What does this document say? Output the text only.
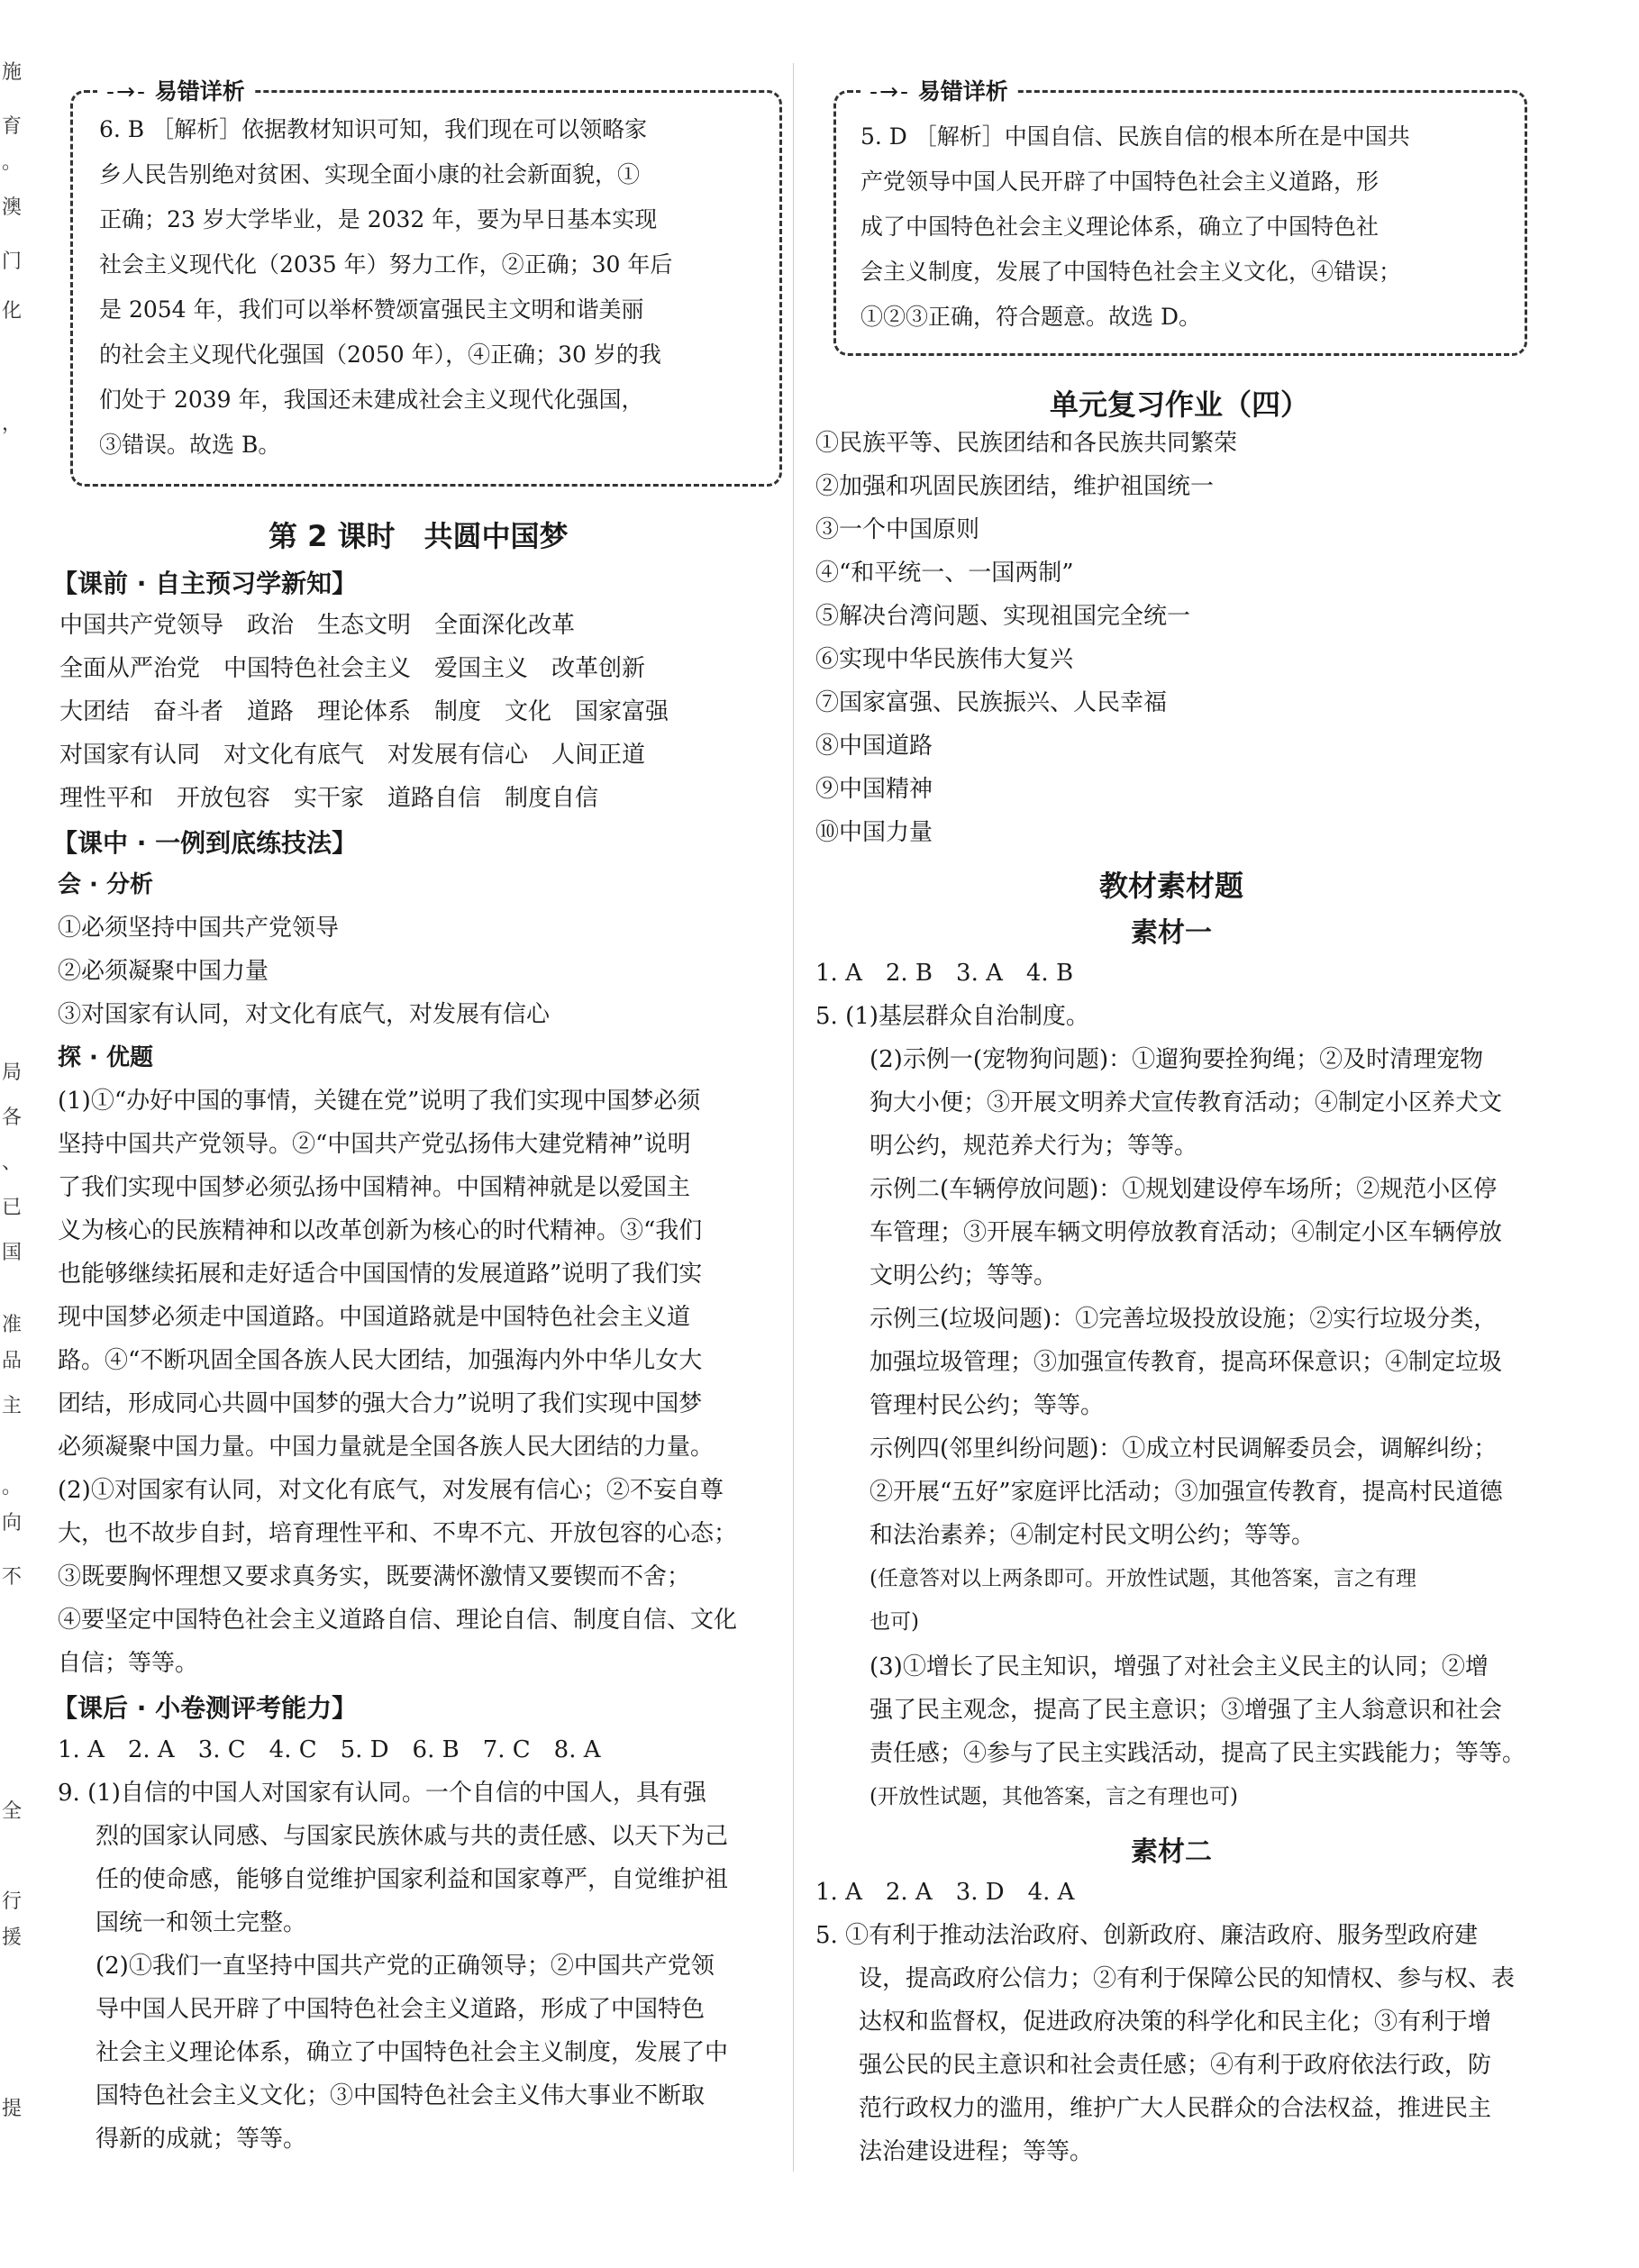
施
育
。
澳
门
化
，
局
各
、
已
国
准
品
主
。
向
不
全
行
援
提
-→- 易错详析
6. B ［解析］依据教材知识可知，我们现在可以领略家
乡人民告别绝对贫困、实现全面小康的社会新面貌，①
正确；23 岁大学毕业，是 2032 年，要为早日基本实现
社会主义现代化（2035 年）努力工作，②正确；30 年后
是 2054 年，我们可以举杯赞颂富强民主文明和谐美丽
的社会主义现代化强国（2050 年），④正确；30 岁的我
们处于 2039 年，我国还未建成社会主义现代化强国，
③错误。故选 B。
第 2 课时　共圆中国梦
【课前 · 自主预习学新知】
中国共产党领导　政治　生态文明　全面深化改革
全面从严治党　中国特色社会主义　爱国主义　改革创新
大团结　奋斗者　道路　理论体系　制度　文化　国家富强
对国家有认同　对文化有底气　对发展有信心　人间正道
理性平和　开放包容　实干家　道路自信　制度自信
【课中 · 一例到底练技法】
会 · 分析
①必须坚持中国共产党领导
②必须凝聚中国力量
③对国家有认同，对文化有底气，对发展有信心
探 · 优题
(1)①“办好中国的事情，关键在党”说明了我们实现中国梦必须
坚持中国共产党领导。②“中国共产党弘扬伟大建党精神”说明
了我们实现中国梦必须弘扬中国精神。中国精神就是以爱国主
义为核心的民族精神和以改革创新为核心的时代精神。③“我们
也能够继续拓展和走好适合中国国情的发展道路”说明了我们实
现中国梦必须走中国道路。中国道路就是中国特色社会主义道
路。④“不断巩固全国各族人民大团结，加强海内外中华儿女大
团结，形成同心共圆中国梦的强大合力”说明了我们实现中国梦
必须凝聚中国力量。中国力量就是全国各族人民大团结的力量。
(2)①对国家有认同，对文化有底气，对发展有信心；②不妄自尊
大，也不故步自封，培育理性平和、不卑不亢、开放包容的心态；
③既要胸怀理想又要求真务实，既要满怀激情又要锲而不舍；
④要坚定中国特色社会主义道路自信、理论自信、制度自信、文化
自信；等等。
【课后 · 小卷测评考能力】
1. A　2. A　3. C　4. C　5. D　6. B　7. C　8. A
9. (1)自信的中国人对国家有认同。一个自信的中国人，具有强
烈的国家认同感、与国家民族休戚与共的责任感、以天下为己
任的使命感，能够自觉维护国家利益和国家尊严，自觉维护祖
国统一和领土完整。
(2)①我们一直坚持中国共产党的正确领导；②中国共产党领
导中国人民开辟了中国特色社会主义道路，形成了中国特色
社会主义理论体系，确立了中国特色社会主义制度，发展了中
国特色社会主义文化；③中国特色社会主义伟大事业不断取
得新的成就；等等。
-→- 易错详析
5. D ［解析］中国自信、民族自信的根本所在是中国共
产党领导中国人民开辟了中国特色社会主义道路，形
成了中国特色社会主义理论体系，确立了中国特色社
会主义制度，发展了中国特色社会主义文化，④错误；
①②③正确，符合题意。故选 D。
单元复习作业（四）
①民族平等、民族团结和各民族共同繁荣
②加强和巩固民族团结，维护祖国统一
③一个中国原则
④“和平统一、一国两制”
⑤解决台湾问题、实现祖国完全统一
⑥实现中华民族伟大复兴
⑦国家富强、民族振兴、人民幸福
⑧中国道路
⑨中国精神
⑩中国力量
教材素材题
素材一
1. A　2. B　3. A　4. B
5. (1)基层群众自治制度。
(2)示例一(宠物狗问题)：①遛狗要拴狗绳；②及时清理宠物
狗大小便；③开展文明养犬宣传教育活动；④制定小区养犬文
明公约，规范养犬行为；等等。
示例二(车辆停放问题)：①规划建设停车场所；②规范小区停
车管理；③开展车辆文明停放教育活动；④制定小区车辆停放
文明公约；等等。
示例三(垃圾问题)：①完善垃圾投放设施；②实行垃圾分类，
加强垃圾管理；③加强宣传教育，提高环保意识；④制定垃圾
管理村民公约；等等。
示例四(邻里纠纷问题)：①成立村民调解委员会，调解纠纷；
②开展“五好”家庭评比活动；③加强宣传教育，提高村民道德
和法治素养；④制定村民文明公约；等等。
(任意答对以上两条即可。开放性试题，其他答案，言之有理
也可)
(3)①增长了民主知识，增强了对社会主义民主的认同；②增
强了民主观念，提高了民主意识；③增强了主人翁意识和社会
责任感；④参与了民主实践活动，提高了民主实践能力；等等。
(开放性试题，其他答案，言之有理也可)
素材二
1. A　2. A　3. D　4. A
5. ①有利于推动法治政府、创新政府、廉洁政府、服务型政府建
设，提高政府公信力；②有利于保障公民的知情权、参与权、表
达权和监督权，促进政府决策的科学化和民主化；③有利于增
强公民的民主意识和社会责任感；④有利于政府依法行政，防
范行政权力的滥用，维护广大人民群众的合法权益，推进民主
法治建设进程；等等。
